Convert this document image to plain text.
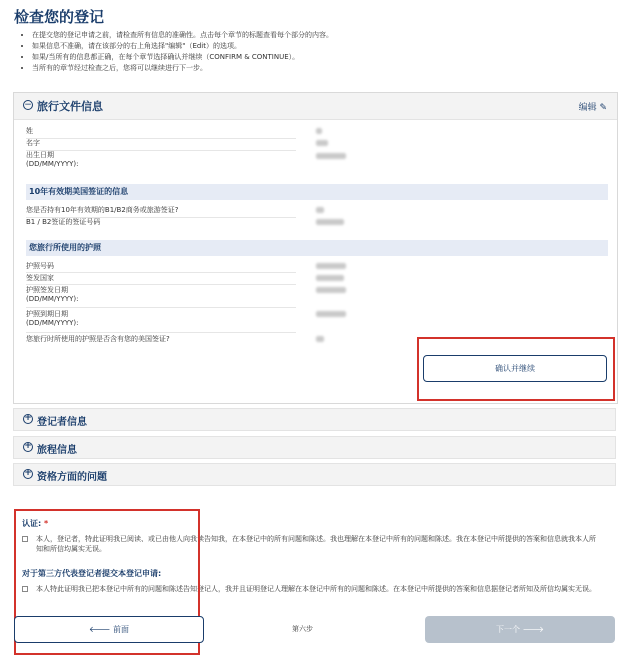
检查您的登记
• 在提交您的登记申请之前，请检查所有信息的准确性。点击每个章节的标题查看每个部分的内容。
• 如果信息不准确，请在该部分的右上角选择"编辑"（Edit）的选项。
• 如果/当所有的信息都正确，在每个章节选择确认并继续（CONFIRM & CONTINUE）。
• 当所有的章节经过检查之后，您将可以继续进行下一步。
− 旅行文件信息	编辑 ✎
姓
名字
出生日期
(DD/MM/YYYY):
10年有效期美国签证的信息
您是否持有10年有效期的B1/B2商务或旅游签证?
B1 / B2签证的签证号码
您旅行所使用的护照
护照号码
签发国家
护照签发日期
(DD/MM/YYYY):
护照到期日期
(DD/MM/YYYY):
您旅行时所使用的护照是否含有您的美国签证?
确认并继续
+ 登记者信息
+ 旅程信息
+ 资格方面的问题
认证: *
本人，登记者，特此证明我已阅读、或已由他人向我读告知我，在本登记中的所有问题和陈述。我也理解在本登记中所有的问题和陈述。我在本登记中所提供的答案和信息就我本人所知和所信均属实无误。
对于第三方代表登记者提交本登记申请:
本人特此证明我已把本登记中所有的问题和陈述告知登记人，我并且证明登记人理解在本登记中所有的问题和陈述。在本登记中所提供的答案和信息据登记者所知及所信均属实无误。
🡐 前面	第六步	下一个 🡒
